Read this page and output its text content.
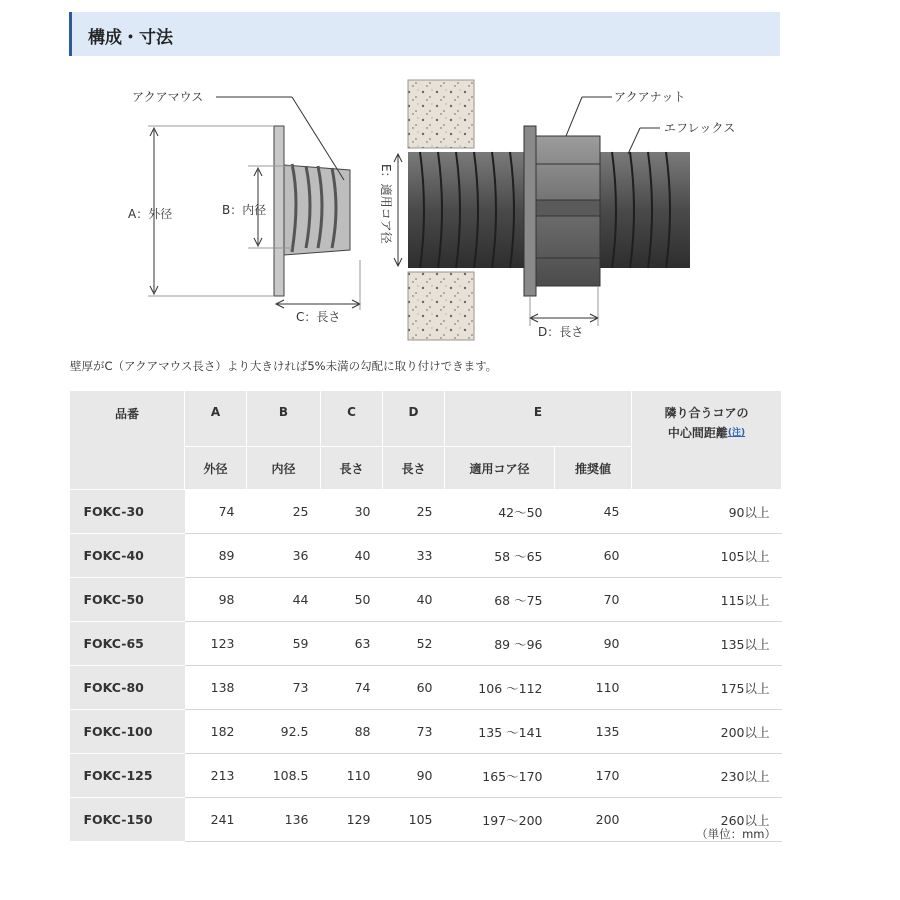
構成・寸法
アクアマウス	アクアナット
エフレックス
A：外径	B：内径
C：長さ
D：長さ
E：適用コア径
壁厚がC（アクアマウス長さ）より大きければ5%未満の勾配に取り付けできます。
品番	A	B	C	D	E		隣り合うコアの
中心間距離$^{(注)}$
	外径	内径	長さ	長さ	適用コア径	推奨値	
FOKC-30	74	25	30	25	42〜50	45	90以上
FOKC-40	89	36	40	33	58 〜65	60	105以上
FOKC-50	98	44	50	40	68 〜75	70	115以上
FOKC-65	123	59	63	52	89 〜96	90	135以上
FOKC-80	138	73	74	60	106 〜112	110	175以上
FOKC-100	182	92.5	88	73	135 〜141	135	200以上
FOKC-125	213	108.5	110	90	165〜170	170	230以上
FOKC-150	241	136	129	105	197〜200	200	260以上
（単位：mm）
